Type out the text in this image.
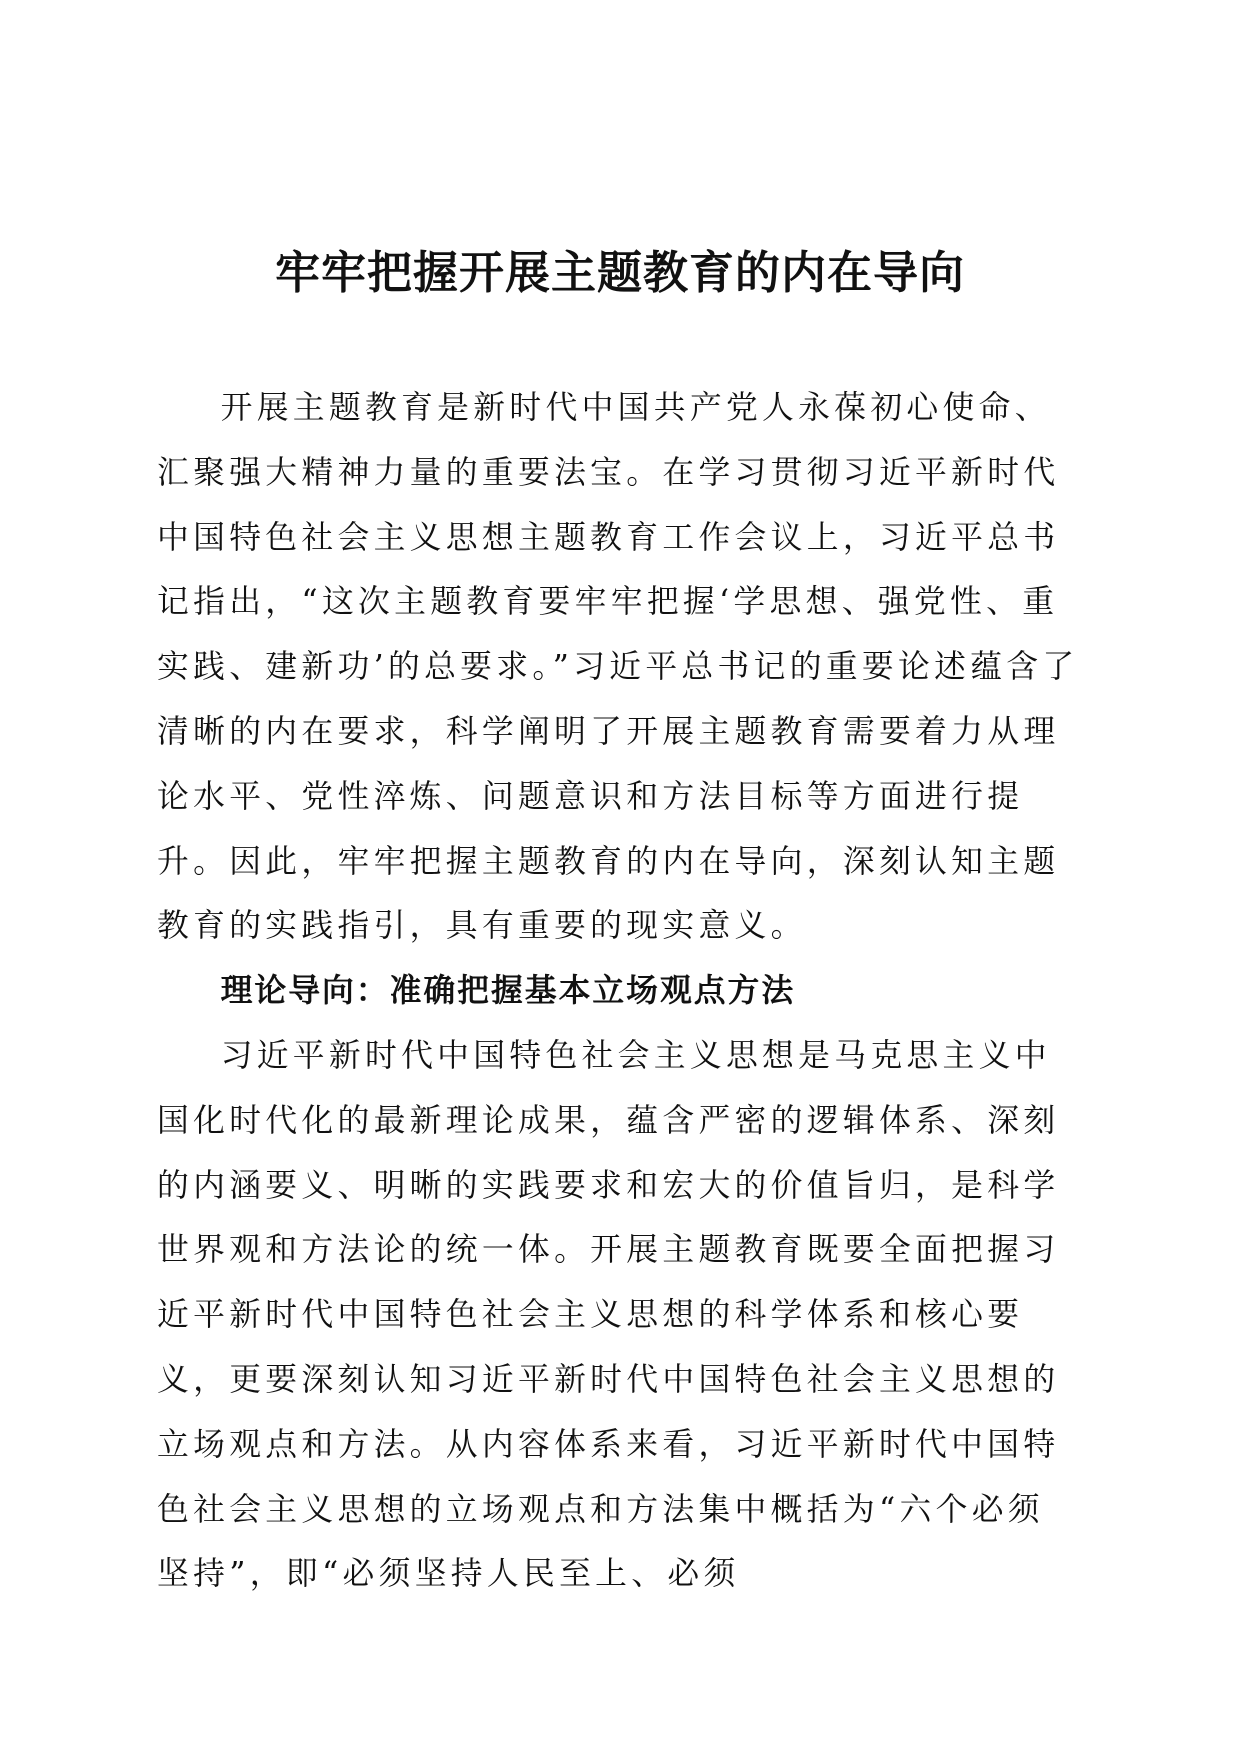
牢牢把握开展主题教育的内在导向

开展主题教育是新时代中国共产党人永葆初心使命、汇聚强大精神力量的重要法宝。在学习贯彻习近平新时代中国特色社会主义思想主题教育工作会议上，习近平总书记指出，“这次主题教育要牢牢把握‘学思想、强党性、重实践、建新功’的总要求。”习近平总书记的重要论述蕴含了清晰的内在要求，科学阐明了开展主题教育需要着力从理论水平、党性淬炼、问题意识和方法目标等方面进行提升。因此，牢牢把握主题教育的内在导向，深刻认知主题教育的实践指引，具有重要的现实意义。

理论导向：准确把握基本立场观点方法

习近平新时代中国特色社会主义思想是马克思主义中国化时代化的最新理论成果，蕴含严密的逻辑体系、深刻的内涵要义、明晰的实践要求和宏大的价值旨归，是科学世界观和方法论的统一体。开展主题教育既要全面把握习近平新时代中国特色社会主义思想的科学体系和核心要义，更要深刻认知习近平新时代中国特色社会主义思想的立场观点和方法。从内容体系来看，习近平新时代中国特色社会主义思想的立场观点和方法集中概括为“六个必须坚持”，即“必须坚持人民至上、必须
